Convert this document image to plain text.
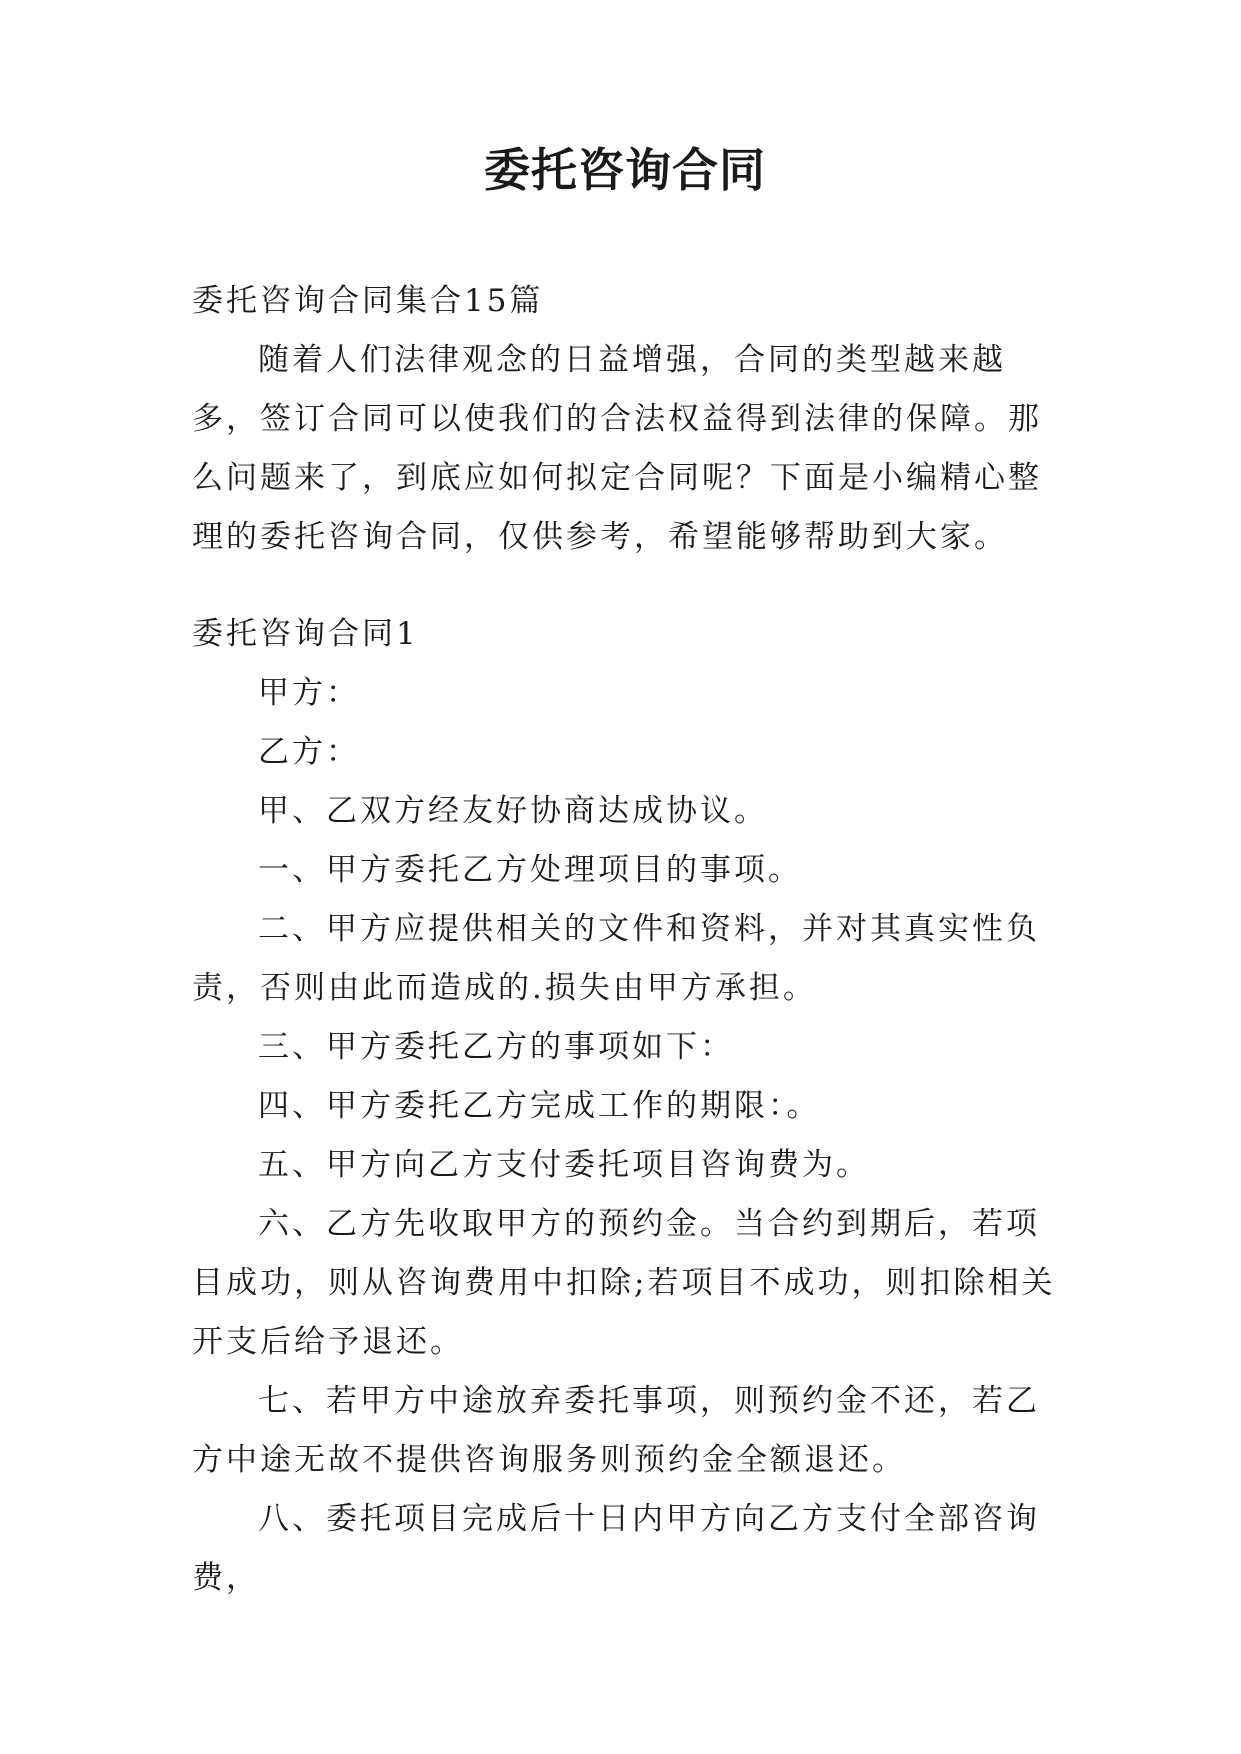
委托咨询合同

委托咨询合同集合15篇

随着人们法律观念的日益增强，合同的类型越来越多，签订合同可以使我们的合法权益得到法律的保障。那么问题来了，到底应如何拟定合同呢？下面是小编精心整理的委托咨询合同，仅供参考，希望能够帮助到大家。

委托咨询合同1

甲方：

乙方：

甲、乙双方经友好协商达成协议。

一、甲方委托乙方处理项目的事项。

二、甲方应提供相关的文件和资料，并对其真实性负责，否则由此而造成的.损失由甲方承担。

三、甲方委托乙方的事项如下：

四、甲方委托乙方完成工作的期限：。

五、甲方向乙方支付委托项目咨询费为。

六、乙方先收取甲方的预约金。当合约到期后，若项目成功，则从咨询费用中扣除;若项目不成功，则扣除相关开支后给予退还。

七、若甲方中途放弃委托事项，则预约金不还，若乙方中途无故不提供咨询服务则预约金全额退还。

八、委托项目完成后十日内甲方向乙方支付全部咨询费，
